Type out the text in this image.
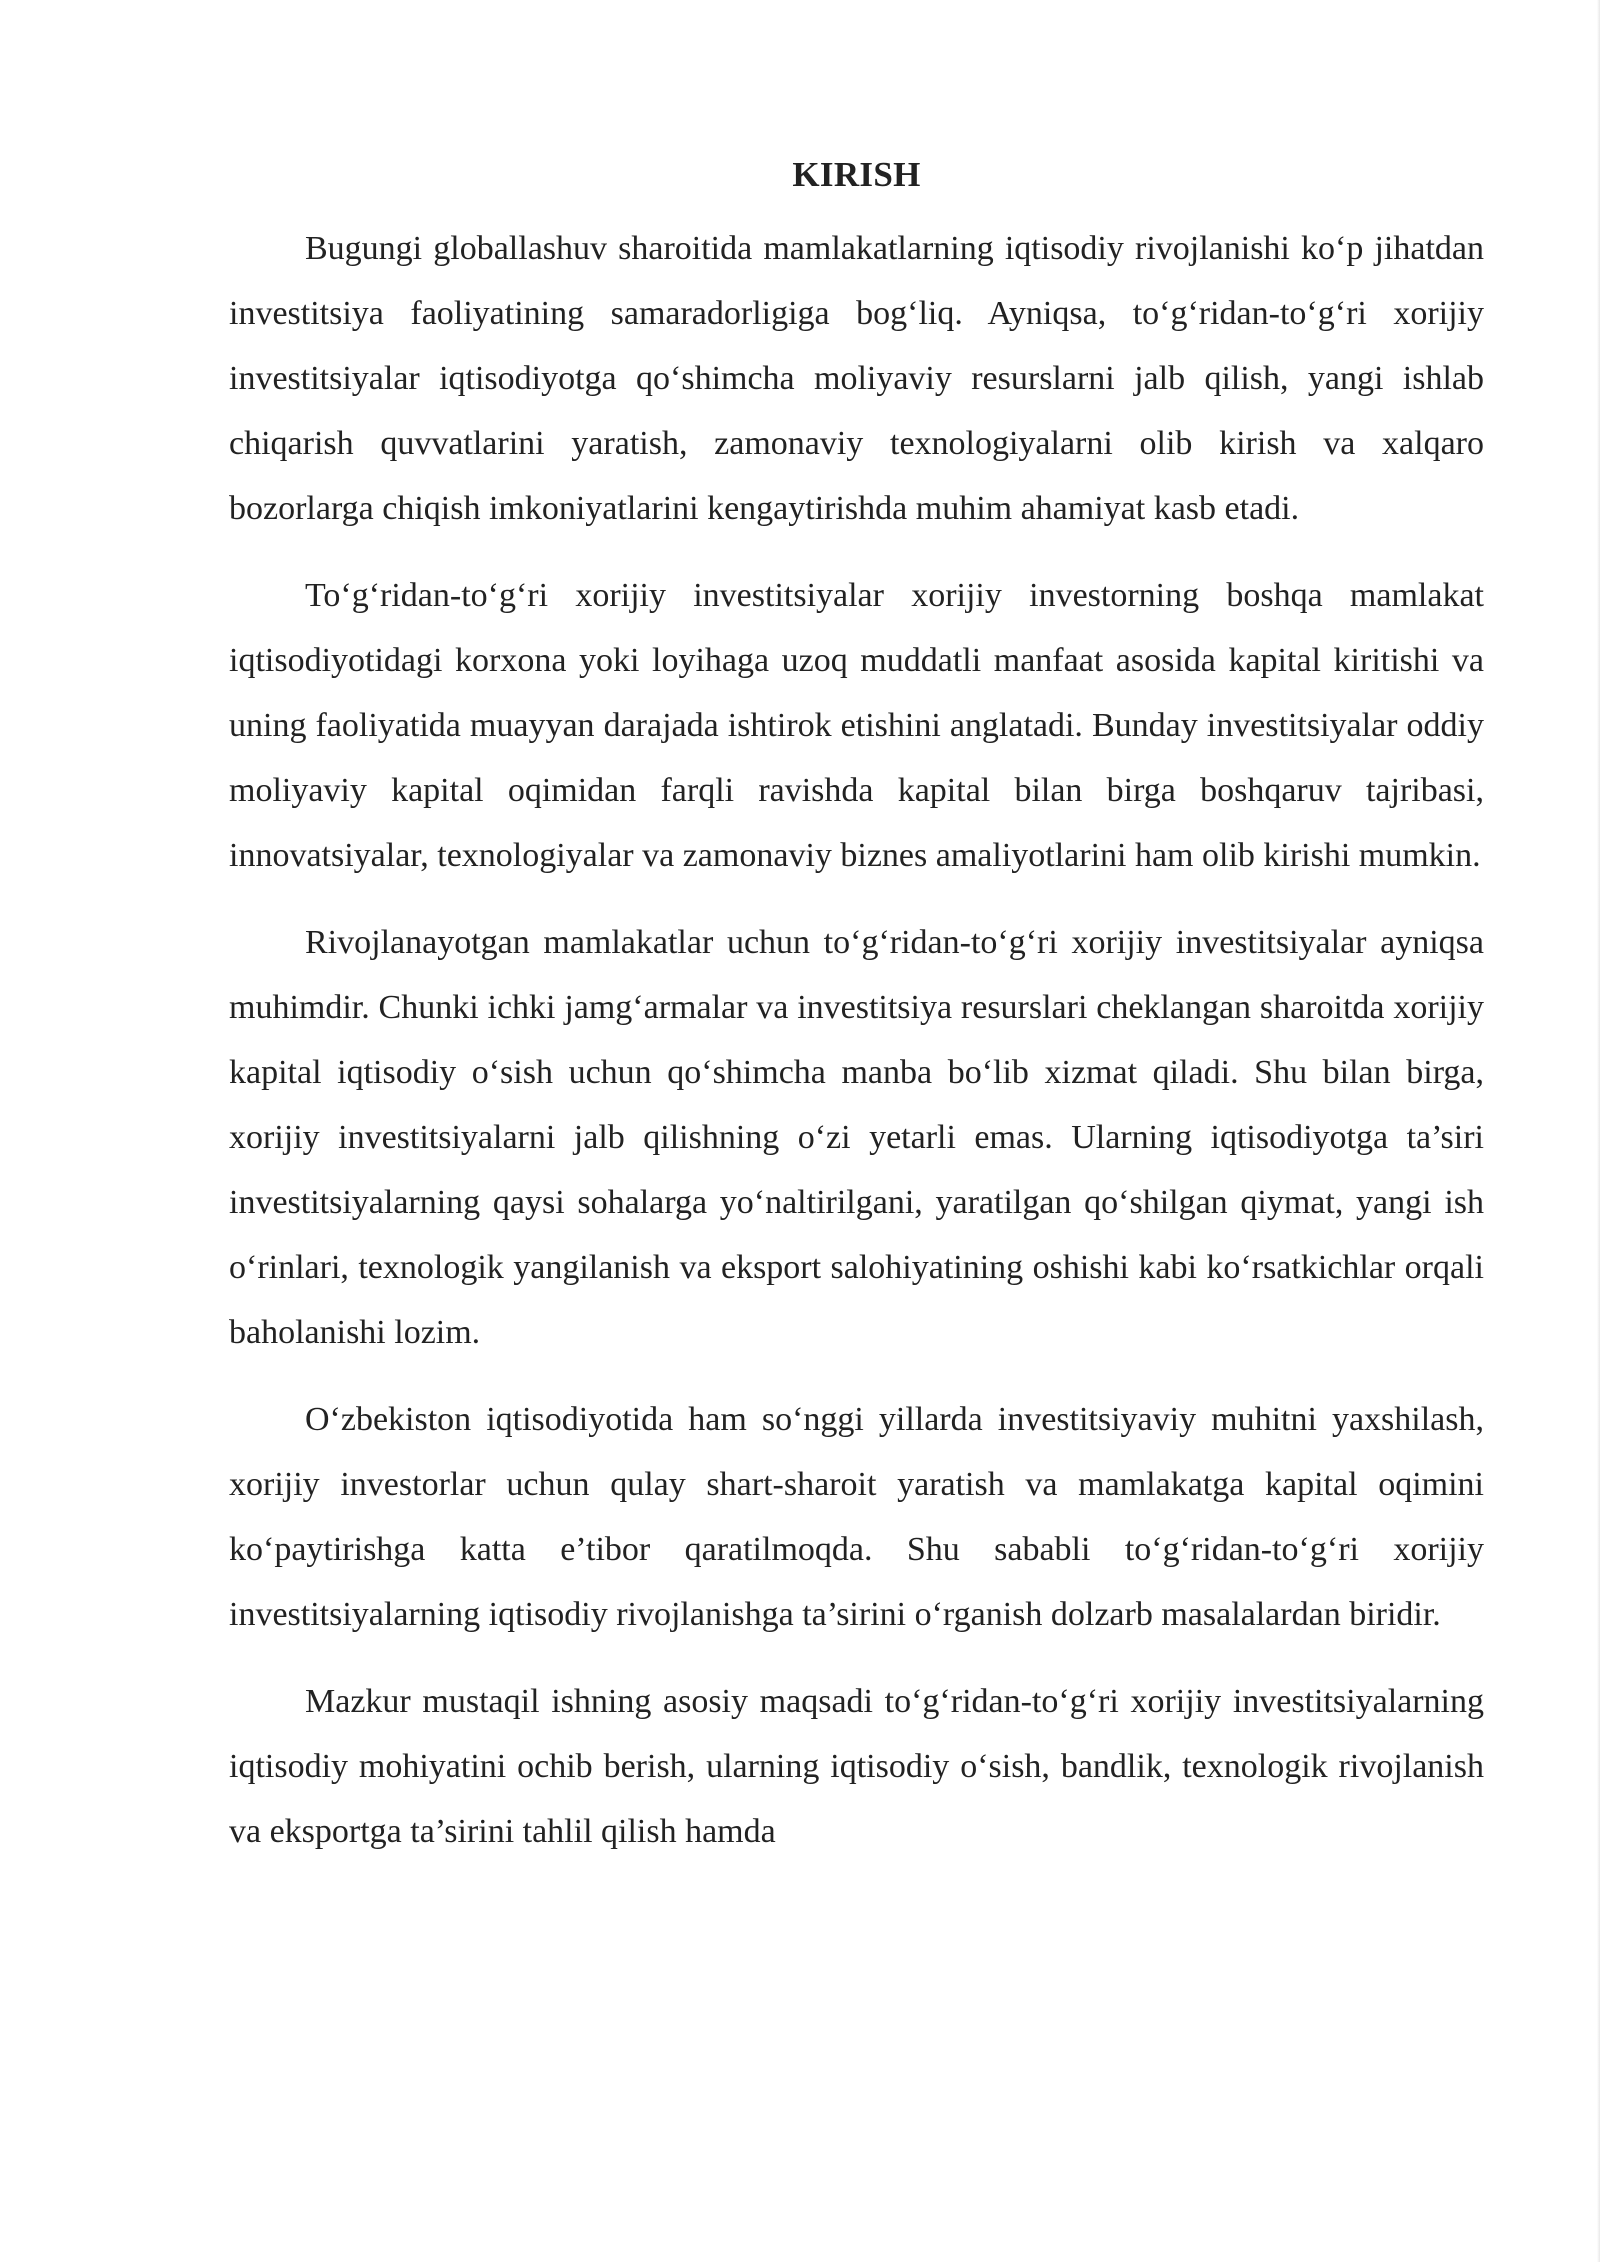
KIRISH

Bugungi globallashuv sharoitida mamlakatlarning iqtisodiy rivojlanishi ko‘p jihatdan investitsiya faoliyatining samaradorligiga bog‘liq. Ayniqsa, to‘g‘ridan-to‘g‘ri xorijiy investitsiyalar iqtisodiyotga qo‘shimcha moliyaviy resurslarni jalb qilish, yangi ishlab chiqarish quvvatlarini yaratish, zamonaviy texnologiyalarni olib kirish va xalqaro bozorlarga chiqish imkoniyatlarini kengaytirishda muhim ahamiyat kasb etadi.

To‘g‘ridan-to‘g‘ri xorijiy investitsiyalar xorijiy investorning boshqa mamlakat iqtisodiyotidagi korxona yoki loyihaga uzoq muddatli manfaat asosida kapital kiritishi va uning faoliyatida muayyan darajada ishtirok etishini anglatadi. Bunday investitsiyalar oddiy moliyaviy kapital oqimidan farqli ravishda kapital bilan birga boshqaruv tajribasi, innovatsiyalar, texnologiyalar va zamonaviy biznes amaliyotlarini ham olib kirishi mumkin.

Rivojlanayotgan mamlakatlar uchun to‘g‘ridan-to‘g‘ri xorijiy investitsiyalar ayniqsa muhimdir. Chunki ichki jamg‘armalar va investitsiya resurslari cheklangan sharoitda xorijiy kapital iqtisodiy o‘sish uchun qo‘shimcha manba bo‘lib xizmat qiladi. Shu bilan birga, xorijiy investitsiyalarni jalb qilishning o‘zi yetarli emas. Ularning iqtisodiyotga ta’siri investitsiyalarning qaysi sohalarga yo‘naltirilgani, yaratilgan qo‘shilgan qiymat, yangi ish o‘rinlari, texnologik yangilanish va eksport salohiyatining oshishi kabi ko‘rsatkichlar orqali baholanishi lozim.

O‘zbekiston iqtisodiyotida ham so‘nggi yillarda investitsiyaviy muhitni yaxshilash, xorijiy investorlar uchun qulay shart-sharoit yaratish va mamlakatga kapital oqimini ko‘paytirishga katta e’tibor qaratilmoqda. Shu sababli to‘g‘ridan-to‘g‘ri xorijiy investitsiyalarning iqtisodiy rivojlanishga ta’sirini o‘rganish dolzarb masalalardan biridir.

Mazkur mustaqil ishning asosiy maqsadi to‘g‘ridan-to‘g‘ri xorijiy investitsiyalarning iqtisodiy mohiyatini ochib berish, ularning iqtisodiy o‘sish, bandlik, texnologik rivojlanish va eksportga ta’sirini tahlil qilish hamda
